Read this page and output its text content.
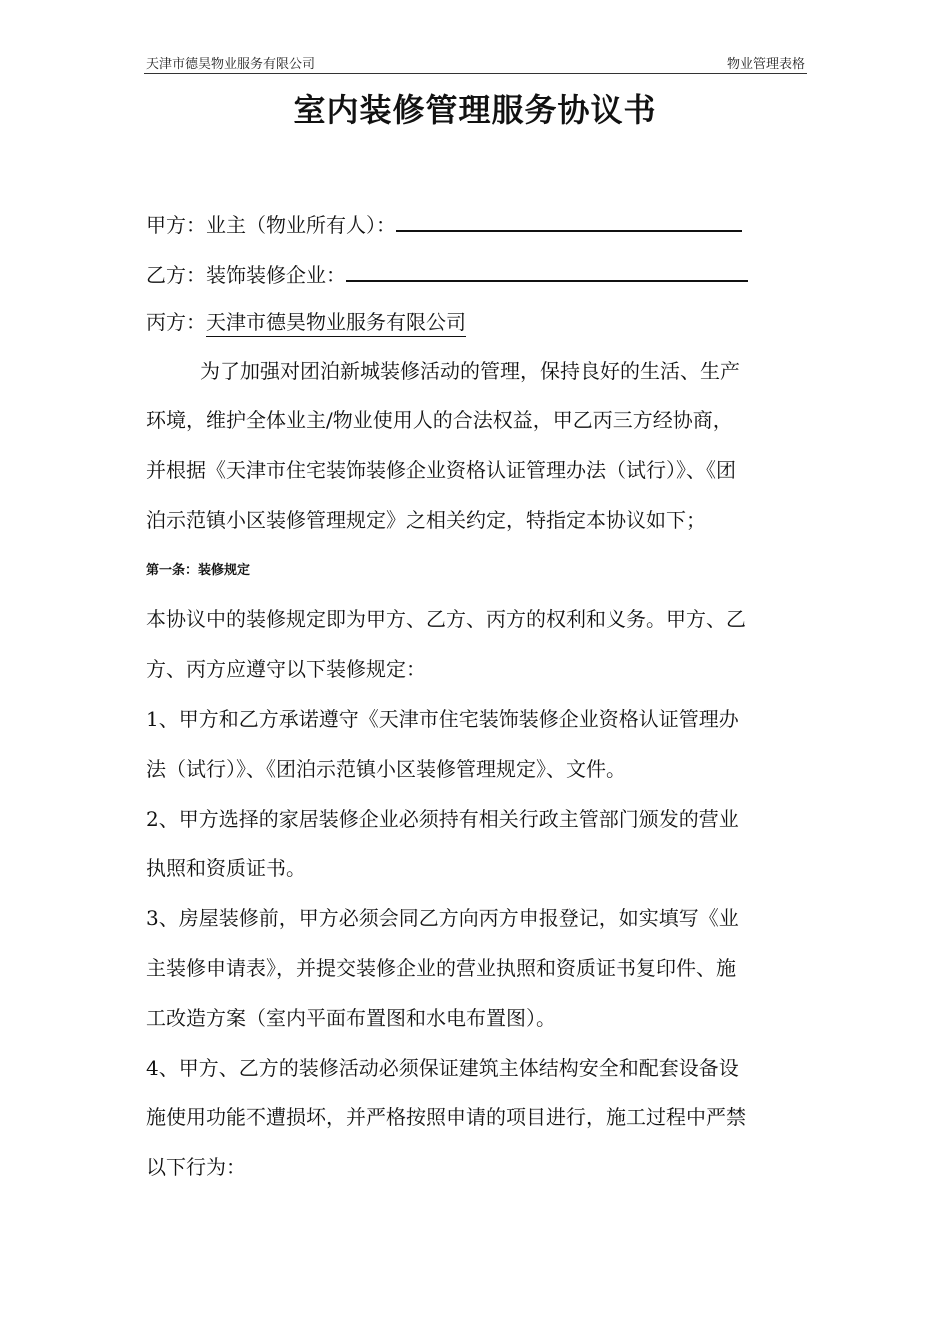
天津市德昊物业服务有限公司	物业管理表格
室内装修管理服务协议书
甲方：业主（物业所有人）：
乙方：装饰装修企业：
丙方：天津市德昊物业服务有限公司
为了加强对团泊新城装修活动的管理，保持良好的生活、生产
环境，维护全体业主/物业使用人的合法权益，甲乙丙三方经协商，
并根据《天津市住宅装饰装修企业资格认证管理办法（试行）》、《团
泊示范镇小区装修管理规定》之相关约定，特指定本协议如下；
第一条：装修规定
本协议中的装修规定即为甲方、乙方、丙方的权利和义务。甲方、乙
方、丙方应遵守以下装修规定：
1、甲方和乙方承诺遵守《天津市住宅装饰装修企业资格认证管理办
法（试行）》、《团泊示范镇小区装修管理规定》、文件。
2、甲方选择的家居装修企业必须持有相关行政主管部门颁发的营业
执照和资质证书。
3、房屋装修前，甲方必须会同乙方向丙方申报登记，如实填写《业
主装修申请表》，并提交装修企业的营业执照和资质证书复印件、施
工改造方案（室内平面布置图和水电布置图）。
4、甲方、乙方的装修活动必须保证建筑主体结构安全和配套设备设
施使用功能不遭损坏，并严格按照申请的项目进行，施工过程中严禁
以下行为：
